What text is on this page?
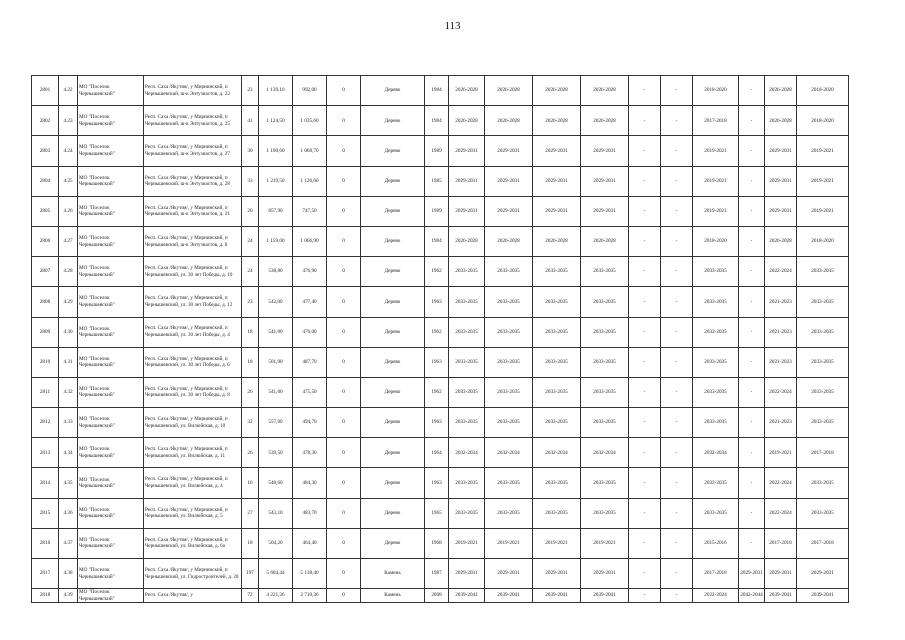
113
2801	4.22	МО "Поселок Чернышевский"	Респ. Саха /Якутия/, у Мирнинский, п Чернышевский, ш-к Энтузиастов, д. 22	23	1 139,10	992,00	0	Дерево	1984	2026-2028	2026-2028	2026-2028	2026-2028	-	-	2018-2020	-	2026-2028	2018-2020
2802	4.23	МО "Поселок Чернышевский"	Респ. Саха /Якутия/, у Мирнинский, п Чернышевский, ш-к Энтузиастов, д. 25	41	1 124,50	1 035,60	0	Дерево	1984	2026-2028	2026-2028	2026-2028	2026-2028	-	-	2017-2018	-	2026-2028	2018-2020
2803	4.24	МО "Поселок Чернышевский"	Респ. Саха /Якутия/, у Мирнинский, п Чернышевский, ш-к Энтузиастов, д. 27	30	1 100,60	1 068,70	0	Дерево	1989	2029-2031	2029-2031	2029-2031	2029-2031	-	-	2019-2021	-	2029-2031	2019-2021
2804	4.25	МО "Поселок Чернышевский"	Респ. Саха /Якутия/, у Мирнинский, п Чернышевский, ш-к Энтузиастов, д. 28	33	1 219,50	1 126,60	0	Дерево	1985	2029-2031	2029-2031	2029-2031	2029-2031	-	-	2019-2021	-	2029-2031	2019-2021
2805	4.26	МО "Поселок Чернышевский"	Респ. Саха /Якутия/, у Мирнинский, п Чернышевский, ш-к Энтузиастов, д. 31	20	857,90	747,50	0	Дерево	1989	2029-2031	2029-2031	2029-2031	2029-2031	-	-	2019-2021	-	2029-2031	2019-2021
2806	4.27	МО "Поселок Чернышевский"	Респ. Саха /Якутия/, у Мирнинский, п Чернышевский, ш-к Энтузиастов, д. 8	24	1 159,00	1 066,90	0	Дерево	1984	2026-2028	2026-2028	2026-2028	2026-2028	-	-	2018-2020	-	2026-2028	2018-2020
2807	4.28	МО "Поселок Чернышевский"	Респ. Саха /Якутия/, у Мирнинский, п Чернышевский, ул. 30 лет Победы, д. 10	24	538,80	476,90	0	Дерево	1962	2033-2035	2033-2035	2033-2035	2033-2035	-	-	2033-2035	-	2022-2024	2033-2035
2808	4.29	МО "Поселок Чернышевский"	Респ. Саха /Якутия/, у Мирнинский, п Чернышевский, ул. 30 лет Победы, д. 12	23	542,00	477,40	0	Дерево	1963	2033-2035	2033-2035	2033-2035	2033-2035	-	-	2033-2035	-	2021-2023	2033-2035
2809	4.30	МО "Поселок Чернышевский"	Респ. Саха /Якутия/, у Мирнинский, п Чернышевский, ул. 30 лет Победы, д. 4	18	541,00	476,00	0	Дерево	1962	2033-2035	2033-2035	2033-2035	2033-2035	-	-	2033-2035	-	2021-2023	2033-2035
2810	4.31	МО "Поселок Чернышевский"	Респ. Саха /Якутия/, у Мирнинский, п Чернышевский, ул. 30 лет Победы, д. 6	18	501,00	487,70	0	Дерево	1963	2033-2035	2033-2035	2033-2035	2033-2035	-	-	2033-2035	-	2021-2023	2033-2035
2811	4.32	МО "Поселок Чернышевский"	Респ. Саха /Якутия/, у Мирнинский, п Чернышевский, ул. 30 лет Победы, д. 8	26	541,00	475,50	0	Дерево	1962	2033-2035	2033-2035	2033-2035	2033-2035	-	-	2033-2035	-	2022-2024	2033-2035
2812	4.33	МО "Поселок Чернышевский"	Респ. Саха /Якутия/, у Мирнинский, п Чернышевский, ул. Вилюйская, д. 10	32	557,00	494,70	0	Дерево	1963	2033-2035	2033-2035	2033-2035	2033-2035	-	-	2033-2035	-	2021-2023	2033-2035
2813	4.34	МО "Поселок Чернышевский"	Респ. Саха /Якутия/, у Мирнинский, п Чернышевский, ул. Вилюйская, д. 11	26	539,50	478,30	0	Дерево	1964	2032-2034	2032-2034	2032-2034	2032-2034	-	-	2032-2034	-	2019-2021	2017-2018
2814	4.35	МО "Поселок Чернышевский"	Респ. Саха /Якутия/, у Мирнинский, п Чернышевский, ул. Вилюйская, д. 4	16	548,60	484,30	0	Дерево	1963	2033-2035	2033-2035	2033-2035	2033-2035	-	-	2033-2035	-	2022-2024	2033-2035
2815	4.36	МО "Поселок Чернышевский"	Респ. Саха /Якутия/, у Мирнинский, п Чернышевский, ул. Вилюйская, д. 5	27	543,10	483,70	0	Дерево	1965	2033-2035	2033-2035	2033-2035	2033-2035	-	-	2033-2035	-	2022-2024	2033-2035
2816	4.37	МО "Поселок Чернышевский"	Респ. Саха /Якутия/, у Мирнинский, п Чернышевский, ул. Вилюйская, д. 6а	18	504,20	464,40	0	Дерево	1968	2019-2021	2019-2021	2019-2021	2019-2021	-	-	2015-2016	-	2017-2018	2017-2018
2817	4.38	МО "Поселок Чернышевский"	Респ. Саха /Якутия/, у Мирнинский, п Чернышевский, ул. Гидростроителей, д. 20	197	5 604,44	5 138,40	0	Камень	1987	2029-2031	2029-2031	2029-2031	2029-2031	-	-	2017-2018	2029-2031	2029-2031	2029-2031
2818	4.39	МО "Поселок Чернышевский"	Респ. Саха /Якутия/, у	72	4 221,36	2 710,36	0	Камень	2008	2039-2041	2039-2041	2039-2041	2039-2041	-	-	2022-2024	2042-2044	2039-2041	2039-2041
